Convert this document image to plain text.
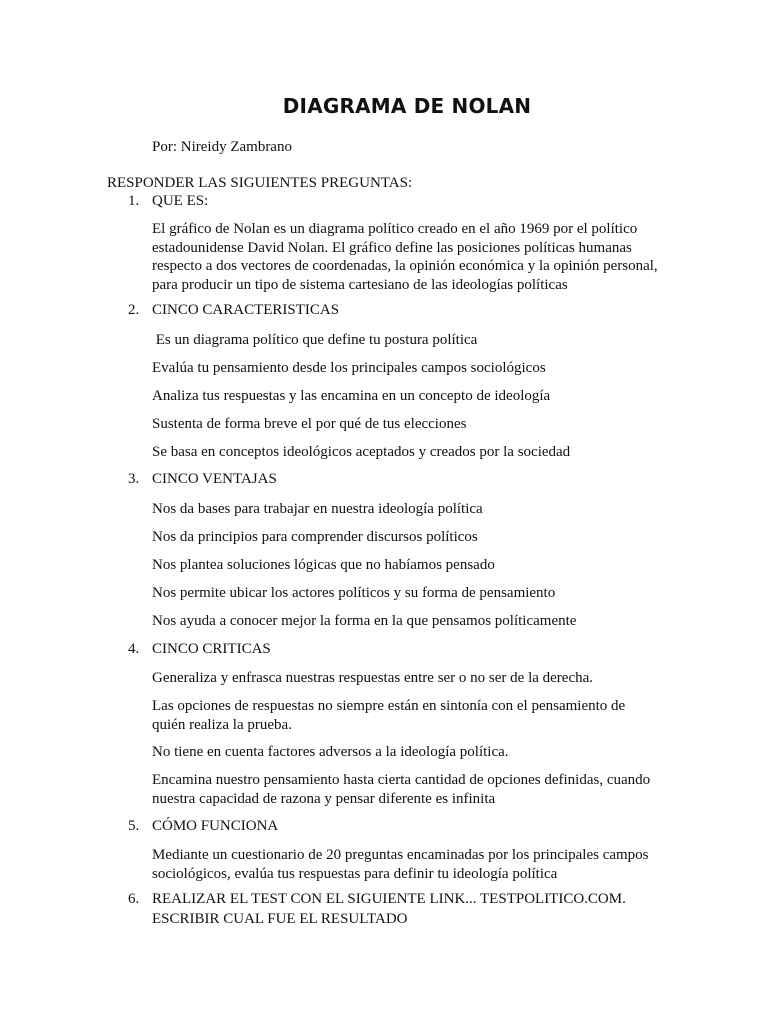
DIAGRAMA DE NOLAN

Por: Nireidy Zambrano

RESPONDER LAS SIGUIENTES PREGUNTAS:

1. QUE ES:

El gráfico de Nolan es un diagrama político creado en el año 1969 por el político estadounidense David Nolan. El gráfico define las posiciones políticas humanas respecto a dos vectores de coordenadas, la opinión económica y la opinión personal, para producir un tipo de sistema cartesiano de las ideologías políticas

2. CINCO CARACTERISTICAS

Es un diagrama político que define tu postura política

Evalúa tu pensamiento desde los principales campos sociológicos

Analiza tus respuestas y las encamina en un concepto de ideología

Sustenta de forma breve el por qué de tus elecciones

Se basa en conceptos ideológicos aceptados y creados por la sociedad

3. CINCO VENTAJAS

Nos da bases para trabajar en nuestra ideología política

Nos da principios para comprender discursos políticos

Nos plantea soluciones lógicas que no habíamos pensado

Nos permite ubicar los actores políticos y su forma de pensamiento

Nos ayuda a conocer mejor la forma en la que pensamos políticamente

4. CINCO CRITICAS

Generaliza y enfrasca nuestras respuestas entre ser o no ser de la derecha.

Las opciones de respuestas no siempre están en sintonía con el pensamiento de quién realiza la prueba.

No tiene en cuenta factores adversos a la ideología política.

Encamina nuestro pensamiento hasta cierta cantidad de opciones definidas, cuando nuestra capacidad de razona y pensar diferente es infinita

5. CÓMO FUNCIONA

Mediante un cuestionario de 20 preguntas encaminadas por los principales campos sociológicos, evalúa tus respuestas para definir tu ideología política

6. REALIZAR EL TEST CON EL SIGUIENTE LINK... TESTPOLITICO.COM.

ESCRIBIR CUAL FUE EL RESULTADO
